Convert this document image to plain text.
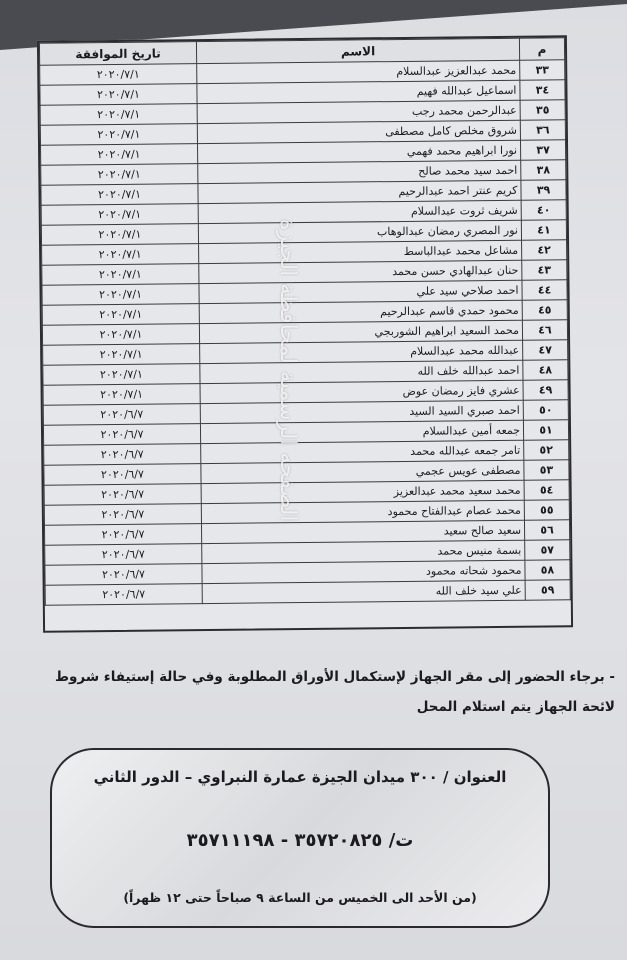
م	الاسم	تاريخ الموافقة
٣٣	محمد عبدالعزيز عبدالسلام	٢٠٢٠/٧/١
٣٤	اسماعيل عبدالله فهيم	٢٠٢٠/٧/١
٣٥	عبدالرحمن محمد رجب	٢٠٢٠/٧/١
٣٦	شروق مخلص كامل مصطفى	٢٠٢٠/٧/١
٣٧	نورا ابراهيم محمد فهمي	٢٠٢٠/٧/١
٣٨	احمد سيد محمد صالح	٢٠٢٠/٧/١
٣٩	كريم عنتر احمد عبدالرحيم	٢٠٢٠/٧/١
٤٠	شريف ثروت عبدالسلام	٢٠٢٠/٧/١
٤١	نور المصري رمضان عبدالوهاب	٢٠٢٠/٧/١
٤٢	مشاعل محمد عبدالباسط	٢٠٢٠/٧/١
٤٣	حنان عبدالهادي حسن محمد	٢٠٢٠/٧/١
٤٤	احمد صلاحي سيد علي	٢٠٢٠/٧/١
٤٥	محمود حمدي قاسم عبدالرحيم	٢٠٢٠/٧/١
٤٦	محمد السعيد ابراهيم الشوربجي	٢٠٢٠/٧/١
٤٧	عبدالله محمد عبدالسلام	٢٠٢٠/٧/١
٤٨	احمد عبدالله خلف الله	٢٠٢٠/٧/١
٤٩	عشري فايز رمضان عوض	٢٠٢٠/٧/١
٥٠	احمد صبري السيد السيد	٢٠٢٠/٦/٧
٥١	جمعه أمين عبدالسلام	٢٠٢٠/٦/٧
٥٢	تامر جمعه عبدالله محمد	٢٠٢٠/٦/٧
٥٣	مصطفى عويس عجمي	٢٠٢٠/٦/٧
٥٤	محمد سعيد محمد عبدالعزيز	٢٠٢٠/٦/٧
٥٥	محمد عصام عبدالفتاح محمود	٢٠٢٠/٦/٧
٥٦	سعيد صالح سعيد	٢٠٢٠/٦/٧
٥٧	بسمة منيس محمد	٢٠٢٠/٦/٧
٥٨	محمود شحاته محمود	٢٠٢٠/٦/٧
٥٩	علي سيد خلف الله	٢٠٢٠/٦/٧
الصفحه الرسمية لمحافظة الجيزة
- برجاء الحضور إلى مقر الجهاز لإستكمال الأوراق المطلوبة وفي حالة إستيفاء شروط لائحة الجهاز يتم استلام المحل
العنوان / ٣٠٠ ميدان الجيزة عمارة النبراوي – الدور الثاني
ت/ ٣٥٧٢٠٨٢٥ - ٣٥٧١١١٩٨
(من الأحد الى الخميس من الساعة ٩ صباحاً حتى ١٢ ظهراً)
